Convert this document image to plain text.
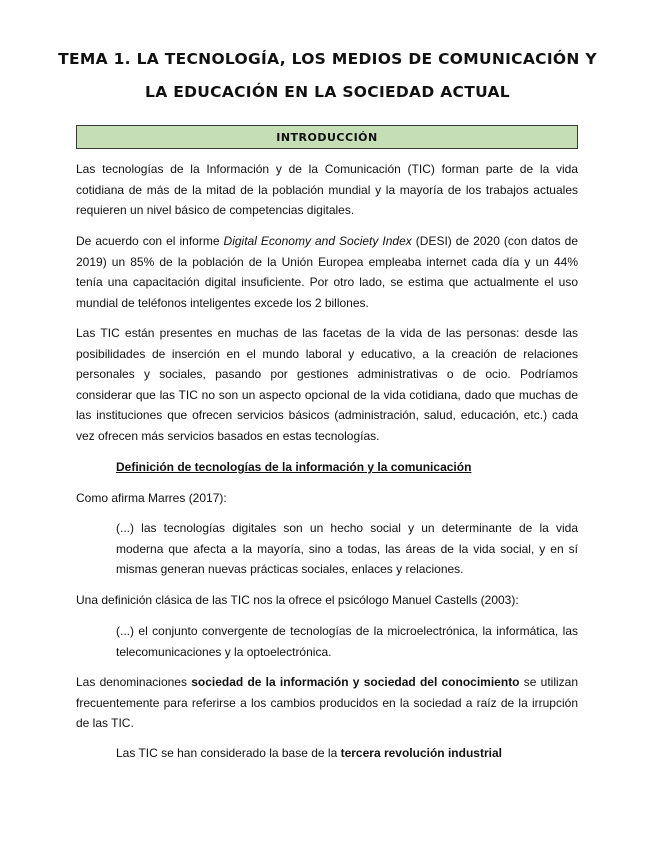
TEMA 1. LA TECNOLOGÍA, LOS MEDIOS DE COMUNICACIÓN Y
LA EDUCACIÓN EN LA SOCIEDAD ACTUAL
INTRODUCCIÓN

Las tecnologías de la Información y de la Comunicación (TIC) forman parte de la vida cotidiana de más de la mitad de la población mundial y la mayoría de los trabajos actuales requieren un nivel básico de competencias digitales.

De acuerdo con el informe Digital Economy and Society Index (DESI) de 2020 (con datos de 2019) un 85% de la población de la Unión Europea empleaba internet cada día y un 44% tenía una capacitación digital insuficiente. Por otro lado, se estima que actualmente el uso mundial de teléfonos inteligentes excede los 2 billones.

Las TIC están presentes en muchas de las facetas de la vida de las personas: desde las posibilidades de inserción en el mundo laboral y educativo, a la creación de relaciones personales y sociales, pasando por gestiones administrativas o de ocio. Podríamos considerar que las TIC no son un aspecto opcional de la vida cotidiana, dado que muchas de las instituciones que ofrecen servicios básicos (administración, salud, educación, etc.) cada vez ofrecen más servicios basados en estas tecnologías.

Definición de tecnologías de la información y la comunicación

Como afirma Marres (2017):

(...) las tecnologías digitales son un hecho social y un determinante de la vida moderna que afecta a la mayoría, sino a todas, las áreas de la vida social, y en sí mismas generan nuevas prácticas sociales, enlaces y relaciones.

Una definición clásica de las TIC nos la ofrece el psicólogo Manuel Castells (2003):

(...) el conjunto convergente de tecnologías de la microelectrónica, la informática, las telecomunicaciones y la optoelectrónica.

Las denominaciones sociedad de la información y sociedad del conocimiento se utilizan frecuentemente para referirse a los cambios producidos en la sociedad a raíz de la irrupción de las TIC.

Las TIC se han considerado la base de la tercera revolución industrial
